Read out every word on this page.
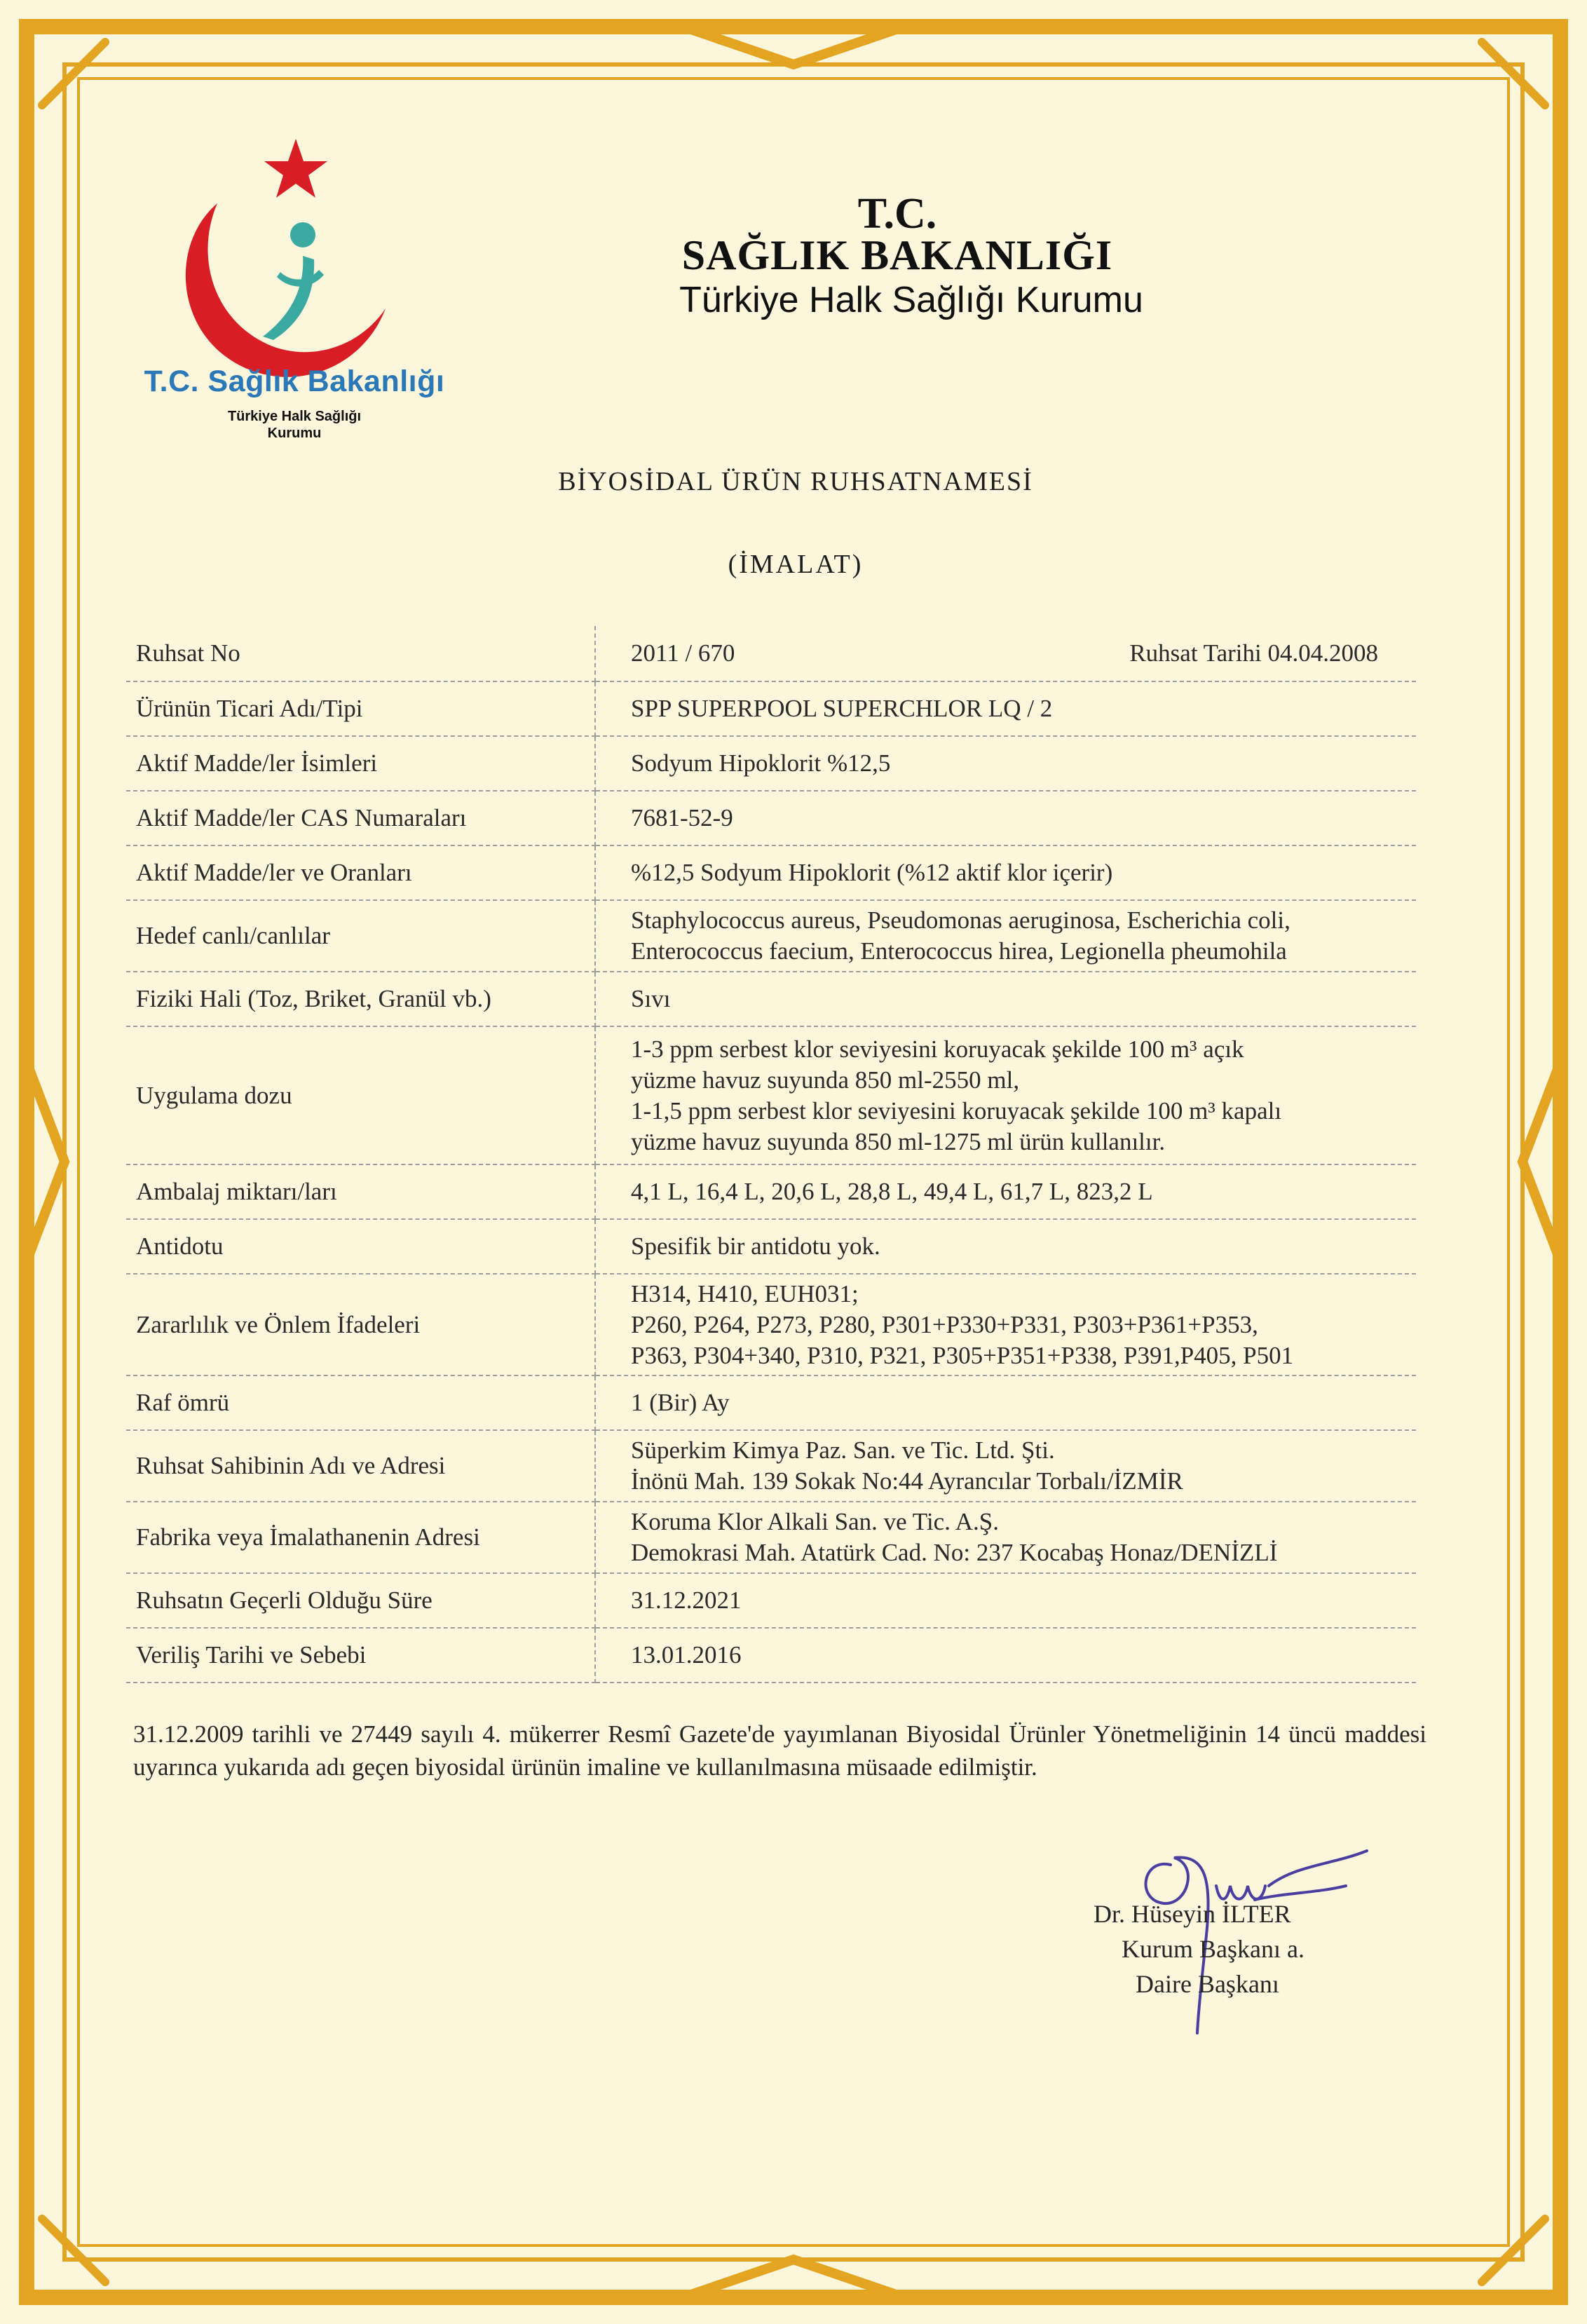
T.C. Sağlık Bakanlığı
Türkiye Halk Sağlığı
Kurumu
T.C.
SAĞLIK BAKANLIĞI
Türkiye Halk Sağlığı Kurumu
BİYOSİDAL ÜRÜN RUHSATNAMESİ
(İMALAT)
Ruhsat No	2011 / 670 Ruhsat Tarihi 04.04.2008

Ürünün Ticari Adı/Tipi	SPP SUPERPOOL SUPERCHLOR LQ / 2

Aktif Madde/ler İsimleri	Sodyum Hipoklorit %12,5

Aktif Madde/ler CAS Numaraları	7681-52-9

Aktif Madde/ler ve Oranları	%12,5 Sodyum Hipoklorit (%12 aktif klor içerir)

Hedef canlı/canlılar	Staphylococcus aureus, Pseudomonas aeruginosa, Escherichia coli,
Enterococcus faecium, Enterococcus hirea, Legionella pheumohila

Fiziki Hali (Toz, Briket, Granül vb.)	Sıvı

Uygulama dozu	1-3 ppm serbest klor seviyesini koruyacak şekilde 100 m³ açık
yüzme havuz suyunda 850 ml-2550 ml,
1-1,5 ppm serbest klor seviyesini koruyacak şekilde 100 m³ kapalı
yüzme havuz suyunda 850 ml-1275 ml ürün kullanılır.

Ambalaj miktarı/ları	4,1 L, 16,4 L, 20,6 L, 28,8 L, 49,4 L, 61,7 L, 823,2 L

Antidotu	Spesifik bir antidotu yok.

Zararlılık ve Önlem İfadeleri	H314, H410, EUH031;
P260, P264, P273, P280, P301+P330+P331, P303+P361+P353,
P363, P304+340, P310, P321, P305+P351+P338, P391,P405, P501

Raf ömrü	1 (Bir) Ay

Ruhsat Sahibinin Adı ve Adresi	Süperkim Kimya Paz. San. ve Tic. Ltd. Şti.
İnönü Mah. 139 Sokak No:44 Ayrancılar Torbalı/İZMİR

Fabrika veya İmalathanenin Adresi	Koruma Klor Alkali San. ve Tic. A.Ş.
Demokrasi Mah. Atatürk Cad. No: 237 Kocabaş Honaz/DENİZLİ

Ruhsatın Geçerli Olduğu Süre	31.12.2021

Veriliş Tarihi ve Sebebi	13.01.2016
31.12.2009 tarihli ve 27449 sayılı 4. mükerrer Resmî Gazete'de yayımlanan Biyosidal Ürünler Yönetmeliğinin 14 üncü maddesi uyarınca yukarıda adı geçen biyosidal ürünün imaline ve kullanılmasına müsaade edilmiştir.
Dr. Hüseyin İLTER
Kurum Başkanı a.
Daire Başkanı
